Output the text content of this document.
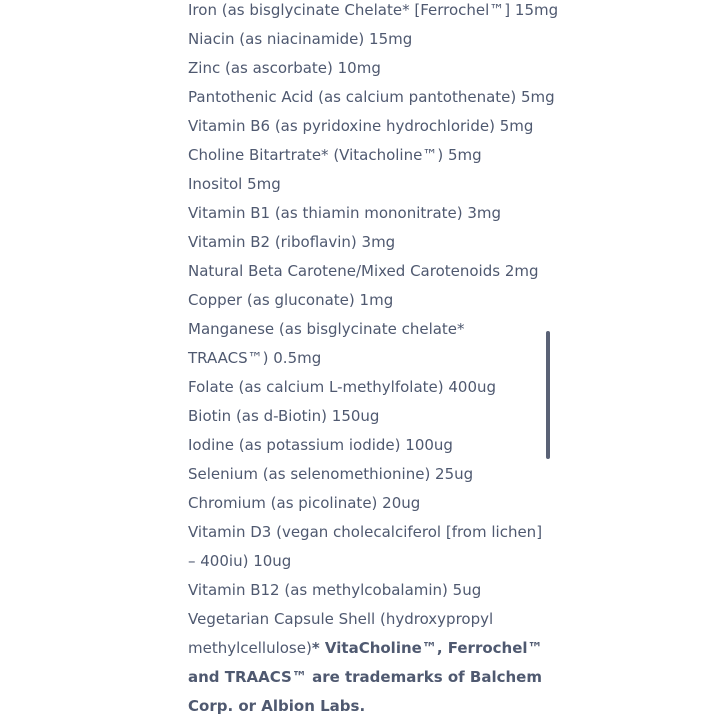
Iron (as bisglycinate Chelate* [Ferrochel™] 15mg
Niacin (as niacinamide) 15mg
Zinc (as ascorbate) 10mg
Pantothenic Acid (as calcium pantothenate) 5mg
Vitamin B6 (as pyridoxine hydrochloride) 5mg
Choline Bitartrate* (Vitacholine™) 5mg
Inositol 5mg
Vitamin B1 (as thiamin mononitrate) 3mg
Vitamin B2 (riboflavin) 3mg
Natural Beta Carotene/Mixed Carotenoids 2mg
Copper (as gluconate) 1mg
Manganese (as bisglycinate chelate* TRAACS™) 0.5mg
Folate (as calcium L-methylfolate) 400ug
Biotin (as d-Biotin) 150ug
Iodine (as potassium iodide) 100ug
Selenium (as selenomethionine) 25ug
Chromium (as picolinate) 20ug
Vitamin D3 (vegan cholecalciferol [from lichen] – 400iu) 10ug
Vitamin B12 (as methylcobalamin) 5ug
Vegetarian Capsule Shell (hydroxypropyl methylcellulose)* VitaCholine™, Ferrochel™ and TRAACS™ are trademarks of Balchem Corp. or Albion Labs.
